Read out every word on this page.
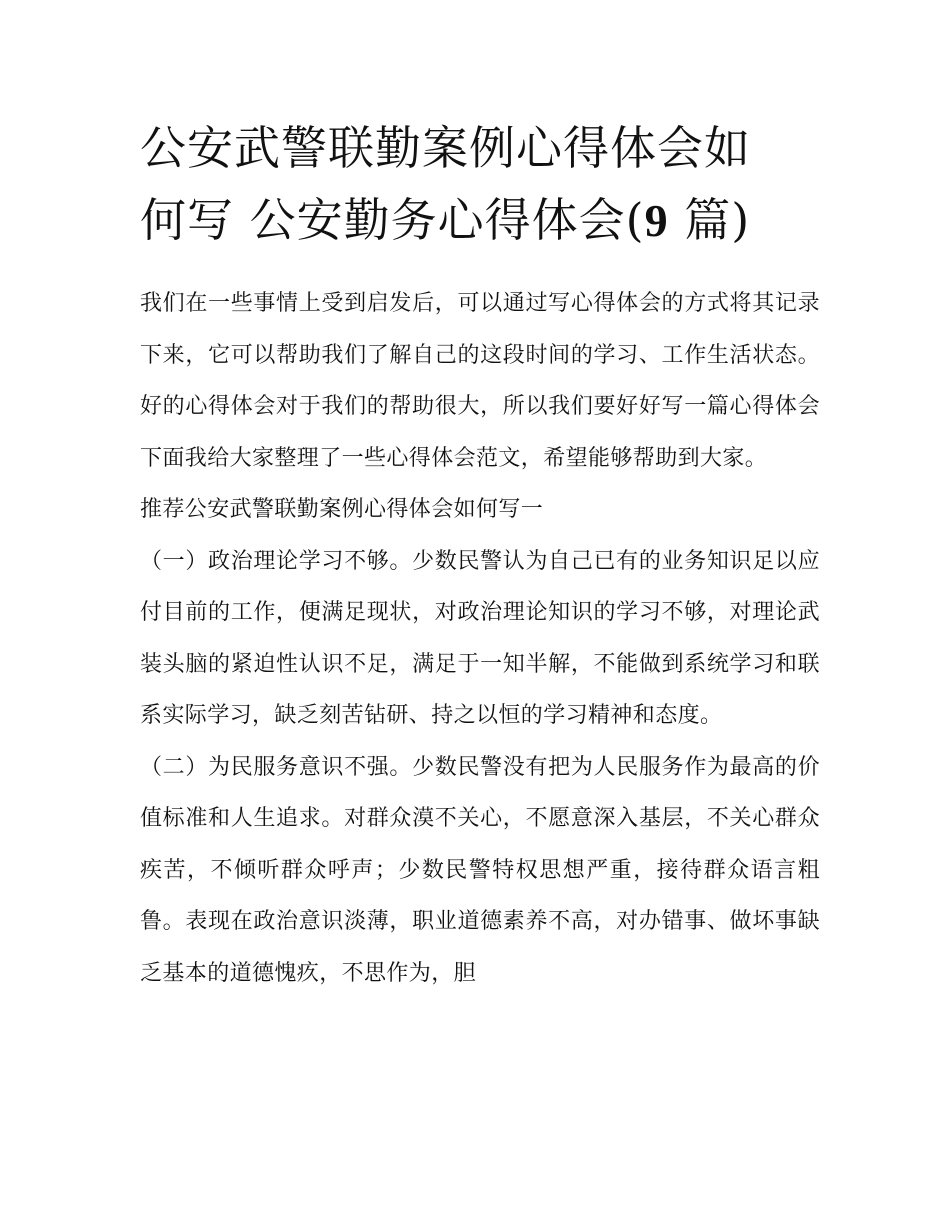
公安武警联勤案例心得体会如
何写 公安勤务心得体会(9 篇)

我们在一些事情上受到启发后，可以通过写心得体会的方式将其记录下来，它可以帮助我们了解自己的这段时间的学习、工作生活状态。好的心得体会对于我们的帮助很大，所以我们要好好写一篇心得体会下面我给大家整理了一些心得体会范文，希望能够帮助到大家。

推荐公安武警联勤案例心得体会如何写一

（一）政治理论学习不够。少数民警认为自己已有的业务知识足以应付目前的工作，便满足现状，对政治理论知识的学习不够，对理论武装头脑的紧迫性认识不足，满足于一知半解，不能做到系统学习和联系实际学习，缺乏刻苦钻研、持之以恒的学习精神和态度。

（二）为民服务意识不强。少数民警没有把为人民服务作为最高的价值标准和人生追求。对群众漠不关心，不愿意深入基层，不关心群众疾苦，不倾听群众呼声；少数民警特权思想严重，接待群众语言粗鲁。表现在政治意识淡薄，职业道德素养不高，对办错事、做坏事缺乏基本的道德愧疚，不思作为，胆
